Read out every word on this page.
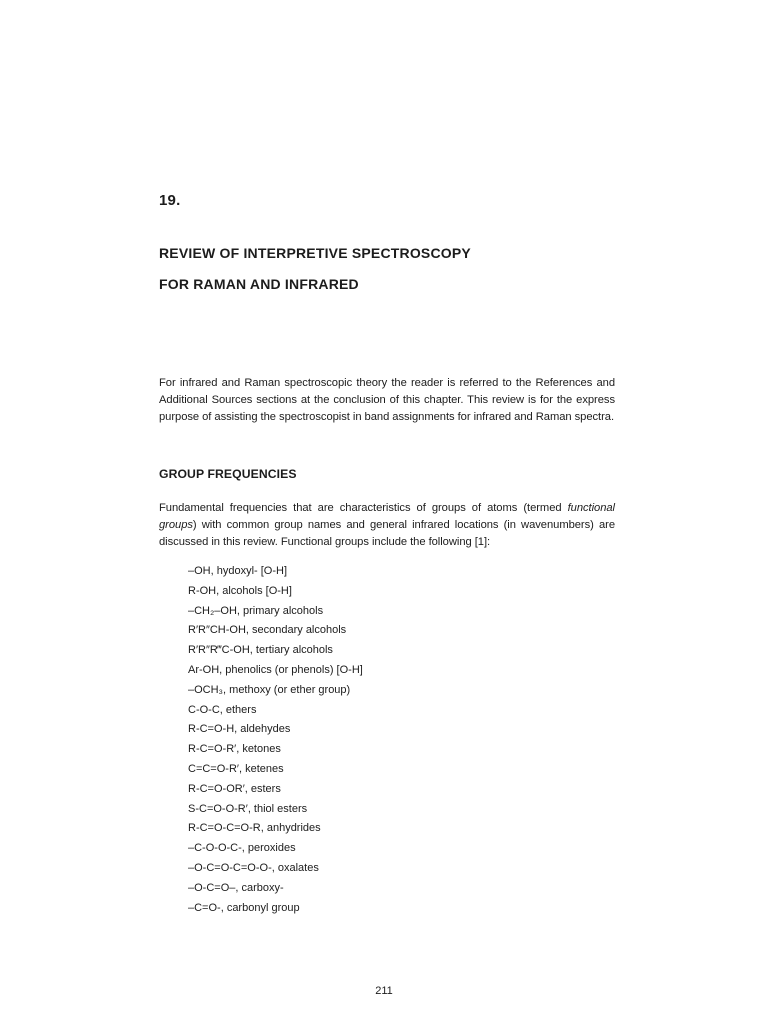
19.

REVIEW OF INTERPRETIVE SPECTROSCOPY
FOR RAMAN AND INFRARED

For infrared and Raman spectroscopic theory the reader is referred to the References and Additional Sources sections at the conclusion of this chapter. This review is for the express purpose of assisting the spectroscopist in band assignments for infrared and Raman spectra.

GROUP FREQUENCIES

Fundamental frequencies that are characteristics of groups of atoms (termed functional groups) with common group names and general infrared locations (in wavenumbers) are discussed in this review. Functional groups include the following [1]:

–OH, hydoxyl- [O-H]
R-OH, alcohols [O-H]
–CH₂–OH, primary alcohols
R′R″CH-OH, secondary alcohols
R′R″R‴C-OH, tertiary alcohols
Ar-OH, phenolics (or phenols) [O-H]
–OCH₃, methoxy (or ether group)
C-O-C, ethers
R-C=O-H, aldehydes
R-C=O-R′, ketones
C=C=O-R′, ketenes
R-C=O-OR′, esters
S-C=O-O-R′, thiol esters
R-C=O-C=O-R, anhydrides
–C-O-O-C-, peroxides
–O-C=O-C=O-O-, oxalates
–O-C=O–, carboxy-
–C=O-, carbonyl group

211
